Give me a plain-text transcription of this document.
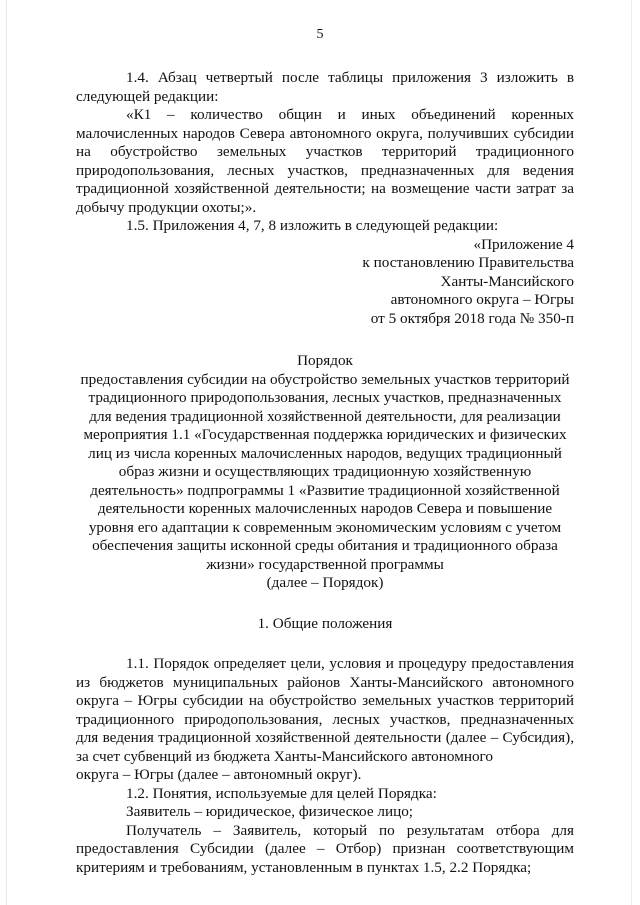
5

1.4. Абзац четвертый после таблицы приложения 3 изложить в следующей редакции:

«К1 – количество общин и иных объединений коренных малочисленных народов Севера автономного округа, получивших субсидии на обустройство земельных участков территорий традиционного природопользования, лесных участков, предназначенных для ведения традиционной хозяйственной деятельности; на возмещение части затрат за добычу продукции охоты;».

1.5. Приложения 4, 7, 8 изложить в следующей редакции:

«Приложение 4

к постановлению Правительства

Ханты-Мансийского

автономного округа – Югры

от 5 октября 2018 года № 350-п

Порядок

предоставления субсидии на обустройство земельных участков территорий традиционного природопользования, лесных участков, предназначенных для ведения традиционной хозяйственной деятельности, для реализации мероприятия 1.1 «Государственная поддержка юридических и физических лиц из числа коренных малочисленных народов, ведущих традиционный образ жизни и осуществляющих традиционную хозяйственную деятельность» подпрограммы 1 «Развитие традиционной хозяйственной деятельности коренных малочисленных народов Севера и повышение уровня его адаптации к современным экономическим условиям с учетом обеспечения защиты исконной среды обитания и традиционного образа жизни» государственной программы

(далее – Порядок)

1. Общие положения

1.1. Порядок определяет цели, условия и процедуру предоставления из бюджетов муниципальных районов Ханты-Мансийского автономного округа – Югры субсидии на обустройство земельных участков территорий традиционного природопользования, лесных участков, предназначенных для ведения традиционной хозяйственной деятельности (далее – Субсидия), за счет субвенций из бюджета Ханты-Мансийского автономного

округа – Югры (далее – автономный округ).

1.2. Понятия, используемые для целей Порядка:

Заявитель – юридическое, физическое лицо;

Получатель – Заявитель, который по результатам отбора для предоставления Субсидии (далее – Отбор) признан соответствующим критериям и требованиям, установленным в пунктах 1.5, 2.2 Порядка;
